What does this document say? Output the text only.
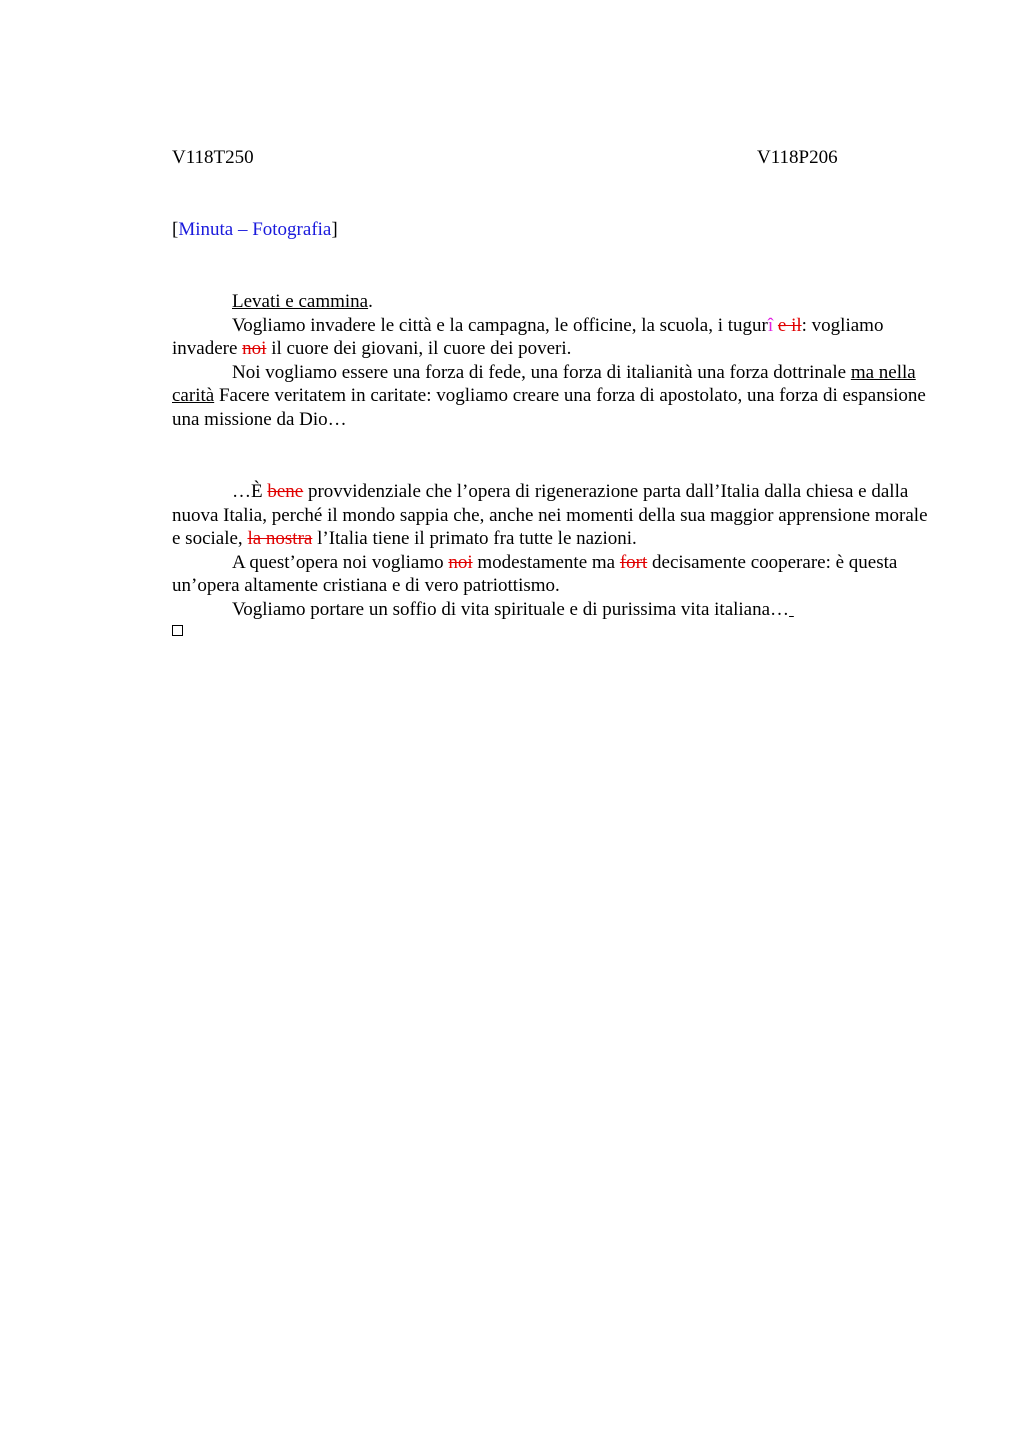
V118T250	V118P206
[Minuta – Fotografia]

Levati e cammina.

Vogliamo invadere le città e la campagna, le officine, la scuola, i tugurî e il: vogliamo invadere noi il cuore dei giovani, il cuore dei poveri.

Noi vogliamo essere una forza di fede, una forza di italianità una forza dottrinale ma nella carità Facere veritatem in caritate: vogliamo creare una forza di apostolato, una forza di espansione una missione da Dio…

…È bene provvidenziale che l’opera di rigenerazione parta dall’Italia dalla chiesa e dalla nuova Italia, perché il mondo sappia che, anche nei momenti della sua maggior apprensione morale e sociale, la nostra l’Italia tiene il primato fra tutte le nazioni.

A quest’opera noi vogliamo noi modestamente ma fort decisamente cooperare: è questa un’opera altamente cristiana e di vero patriottismo.

Vogliamo portare un soffio di vita spirituale e di purissima vita italiana…
